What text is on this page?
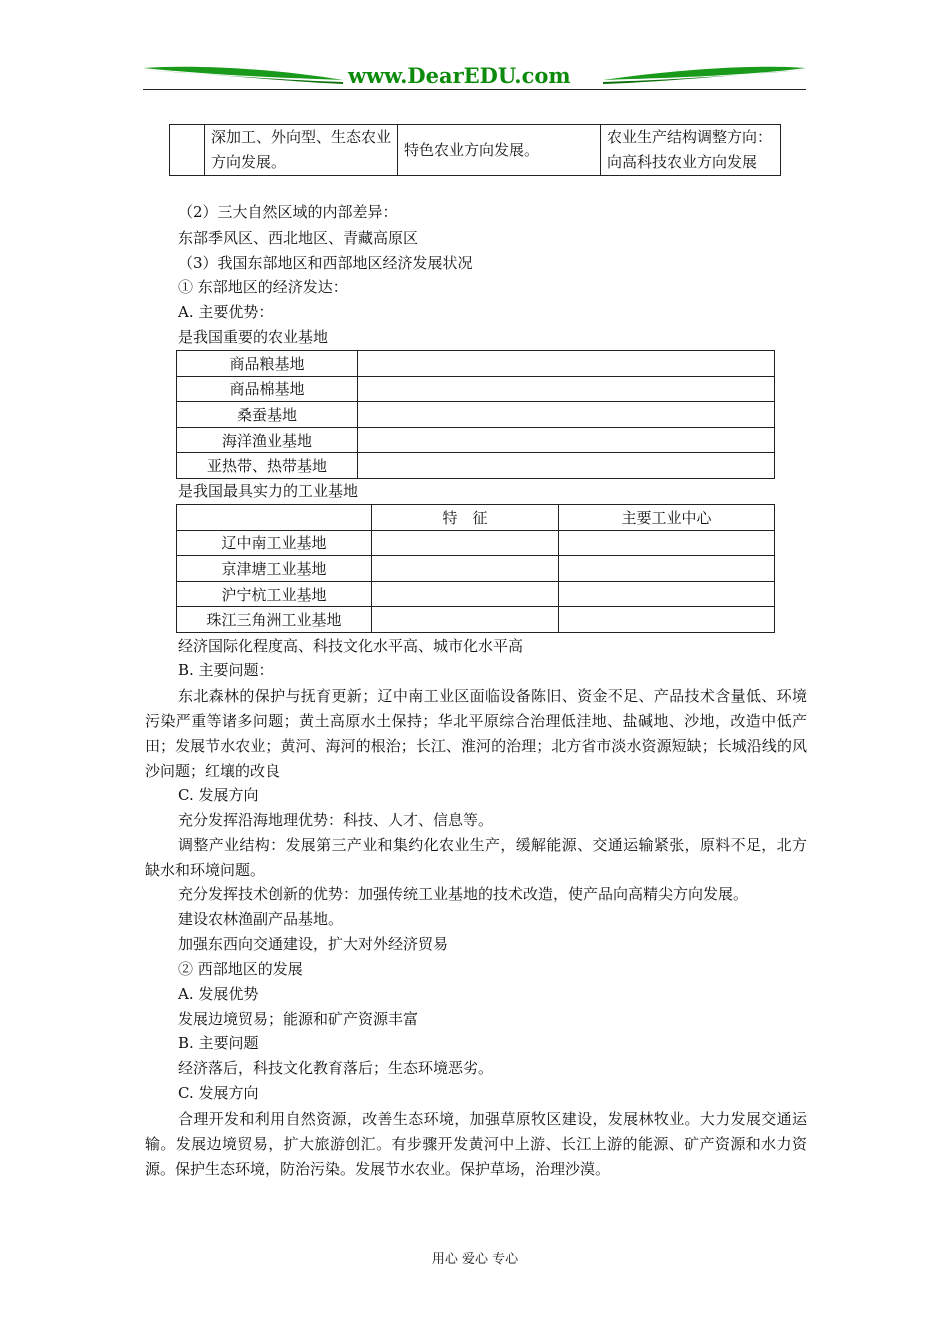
www.DearEDU.com
	深加工、外向型、生态农业方向发展。	特色农业方向发展。	农业生产结构调整方向：向高科技农业方向发展
（2）三大自然区域的内部差异：
东部季风区、西北地区、青藏高原区
（3）我国东部地区和西部地区经济发展状况
① 东部地区的经济发达：
A. 主要优势：
是我国重要的农业基地
商品粮基地	
商品棉基地	
桑蚕基地	
海洋渔业基地	
亚热带、热带基地	
是我国最具实力的工业基地
	特　征	主要工业中心
辽中南工业基地		
京津塘工业基地		
沪宁杭工业基地		
珠江三角洲工业基地		
经济国际化程度高、科技文化水平高、城市化水平高
B. 主要问题：
东北森林的保护与抚育更新；辽中南工业区面临设备陈旧、资金不足、产品技术含量低、环境污染严重等诸多问题；黄土高原水土保持；华北平原综合治理低洼地、盐碱地、沙地，改造中低产田；发展节水农业；黄河、海河的根治；长江、淮河的治理；北方省市淡水资源短缺；长城沿线的风沙问题；红壤的改良
C. 发展方向
充分发挥沿海地理优势：科技、人才、信息等。
调整产业结构：发展第三产业和集约化农业生产，缓解能源、交通运输紧张，原料不足，北方缺水和环境问题。
充分发挥技术创新的优势：加强传统工业基地的技术改造，使产品向高精尖方向发展。
建设农林渔副产品基地。
加强东西向交通建设，扩大对外经济贸易
② 西部地区的发展
A. 发展优势
发展边境贸易；能源和矿产资源丰富
B. 主要问题
经济落后，科技文化教育落后；生态环境恶劣。
C. 发展方向
合理开发和利用自然资源，改善生态环境，加强草原牧区建设，发展林牧业。大力发展交通运输。发展边境贸易，扩大旅游创汇。有步骤开发黄河中上游、长江上游的能源、矿产资源和水力资源。保护生态环境，防治污染。发展节水农业。保护草场，治理沙漠。
用心 爱心 专心
